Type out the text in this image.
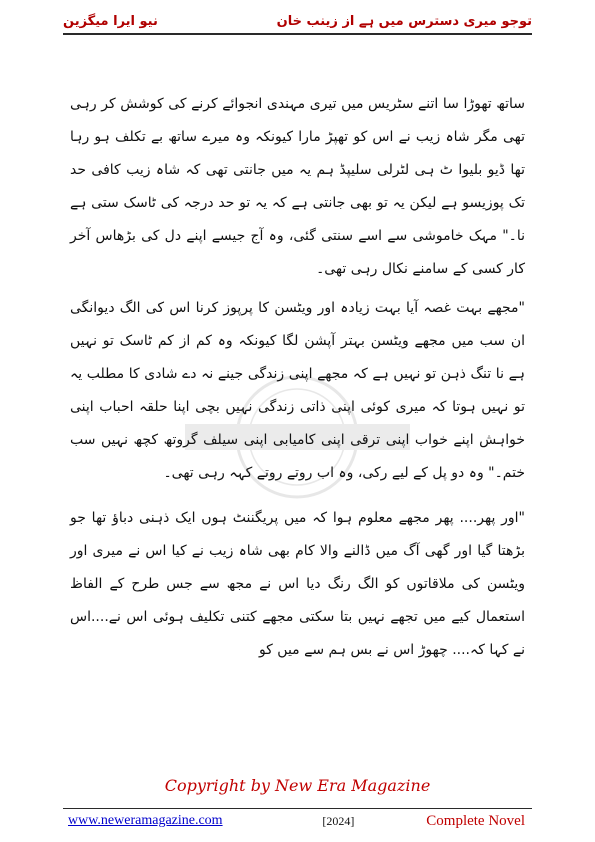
توجو میری دسترس میں ہے از زینب خان
نیو ایرا میگزین

ساتھ تھوڑا سا اتنے سٹریس میں تیری مہندی انجوائے کرنے کی کوشش کر رہی تھی مگر شاہ زیب نے اس کو تھپڑ مارا کیونکہ وہ میرے ساتھ بے تکلف ہو رہا تھا ڈیو بلیوا ٹ ہی لٹرلی سلیپڈ ہم یہ میں جانتی تھی کہ شاہ زیب کافی حد تک پوزیسو ہے لیکن یہ تو بھی جانتی ہے کہ یہ تو حد درجہ کی ٹاسک ستی ہے نا۔" مہک خاموشی سے اسے سنتی گئی، وہ آج جیسے اپنے دل کی بڑھاس آخر کار کسی کے سامنے نکال رہی تھی۔

"مجھے بہت غصہ آیا بہت زیادہ اور ویٹسن کا پرپوز کرنا اس کی الگ دیوانگی ان سب میں مجھے ویٹسن بہتر آپشن لگا کیونکہ وہ کم از کم ٹاسک تو نہیں ہے نا تنگ ذہن تو نہیں ہے کہ مجھے اپنی زندگی جینے نہ دے شادی کا مطلب یہ تو نہیں ہوتا کہ میری کوئی اپنی ذاتی زندگی نہیں بچی اپنا حلقہ احباب اپنی خواہش اپنے خواب اپنی ترقی اپنی کامیابی اپنی سیلف گروتھ کچھ نہیں سب ختم۔" وہ دو پل کے لیے رکی، وہ اب روتے روتے کہہ رہی تھی۔

"اور پھر.... پھر مجھے معلوم ہوا کہ میں پریگننٹ ہوں ایک ذہنی دباؤ تھا جو بڑھتا گیا اور گھی آگ میں ڈالنے والا کام بھی شاہ زیب نے کیا اس نے میری اور ویٹسن کی ملاقاتوں کو الگ رنگ دیا اس نے مجھ سے جس طرح کے الفاظ استعمال کیے میں تجھے نہیں بتا سکتی مجھے کتنی تکلیف ہوئی اس نے....اس نے کہا کہ.... چھوڑ اس نے بس ہم سے میں کو

Copyright by New Era Magazine
www.neweramagazine.com	[2024]	Complete Novel
